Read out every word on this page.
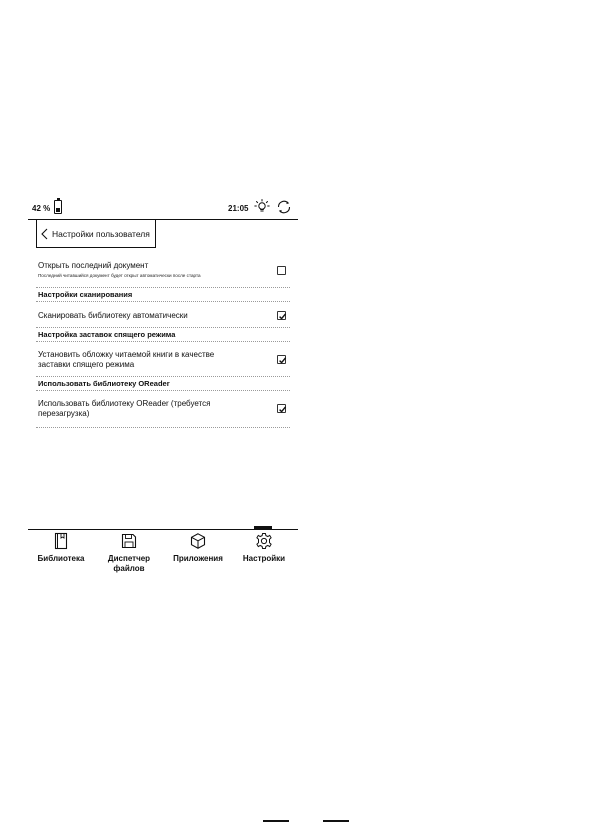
42 %	21:05
Настройки пользователя
Открыть последний документ
Последний читавшийся документ будет открыт автоматически после старта
Настройки сканирования
Сканировать библиотеку автоматически
Настройка заставок спящего режима
Установить обложку читаемой книги в качестве
заставки спящего режима
Использовать библиотеку OReader
Использовать библиотеку OReader (требуется
перезагрузка)
Библиотека	Диспетчер
файлов
Приложения	Настройки
